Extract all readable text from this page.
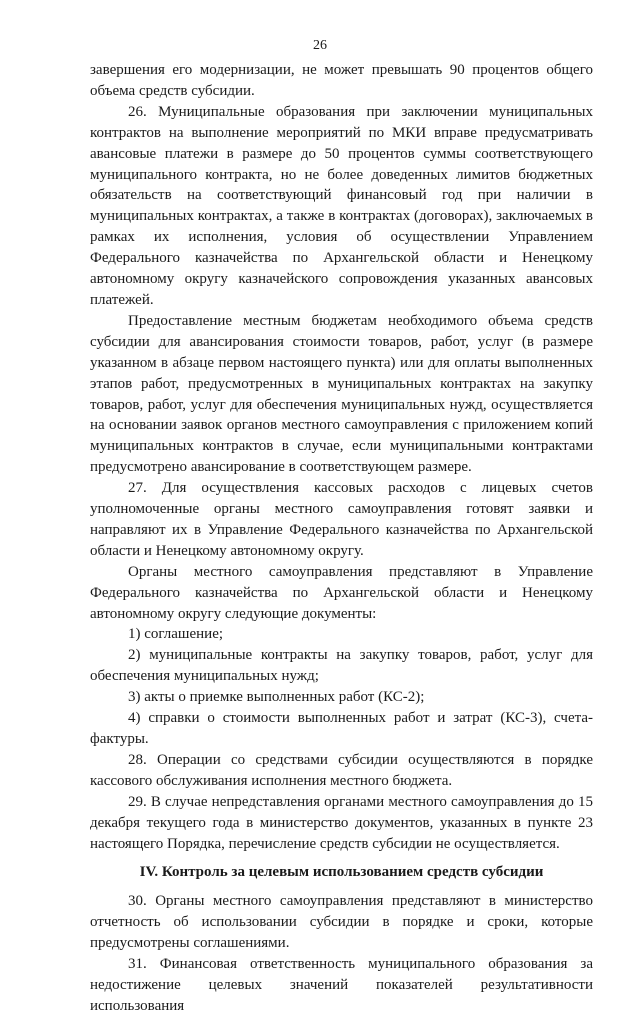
26

завершения его модернизации, не может превышать 90 процентов общего объема средств субсидии.

26. Муниципальные образования при заключении муниципальных контрактов на выполнение мероприятий по МКИ вправе предусматривать авансовые платежи в размере до 50 процентов суммы соответствующего муниципального контракта, но не более доведенных лимитов бюджетных обязательств на соответствующий финансовый год при наличии в муниципальных контрактах, а также в контрактах (договорах), заключаемых в рамках их исполнения, условия об осуществлении Управлением Федерального казначейства по Архангельской области и Ненецкому автономному округу казначейского сопровождения указанных авансовых платежей.

Предоставление местным бюджетам необходимого объема средств субсидии для авансирования стоимости товаров, работ, услуг (в размере указанном в абзаце первом настоящего пункта) или для оплаты выполненных этапов работ, предусмотренных в муниципальных контрактах на закупку товаров, работ, услуг для обеспечения муниципальных нужд, осуществляется на основании заявок органов местного самоуправления с приложением копий муниципальных контрактов в случае, если муниципальными контрактами предусмотрено авансирование в соответствующем размере.

27. Для осуществления кассовых расходов с лицевых счетов уполномоченные органы местного самоуправления готовят заявки и направляют их в Управление Федерального казначейства по Архангельской области и Ненецкому автономному округу.

Органы местного самоуправления представляют в Управление Федерального казначейства по Архангельской области и Ненецкому автономному округу следующие документы:

1) соглашение;

2) муниципальные контракты на закупку товаров, работ, услуг для обеспечения муниципальных нужд;

3) акты о приемке выполненных работ (КС-2);

4) справки о стоимости выполненных работ и затрат (КС-3), счета-фактуры.

28. Операции со средствами субсидии осуществляются в порядке кассового обслуживания исполнения местного бюджета.

29. В случае непредставления органами местного самоуправления до 15 декабря текущего года в министерство документов, указанных в пункте 23 настоящего Порядка, перечисление средств субсидии не осуществляется.

IV. Контроль за целевым использованием средств субсидии

30. Органы местного самоуправления представляют в министерство отчетность об использовании субсидии в порядке и сроки, которые предусмотрены соглашениями.

31. Финансовая ответственность муниципального образования за недостижение целевых значений показателей результативности использования
